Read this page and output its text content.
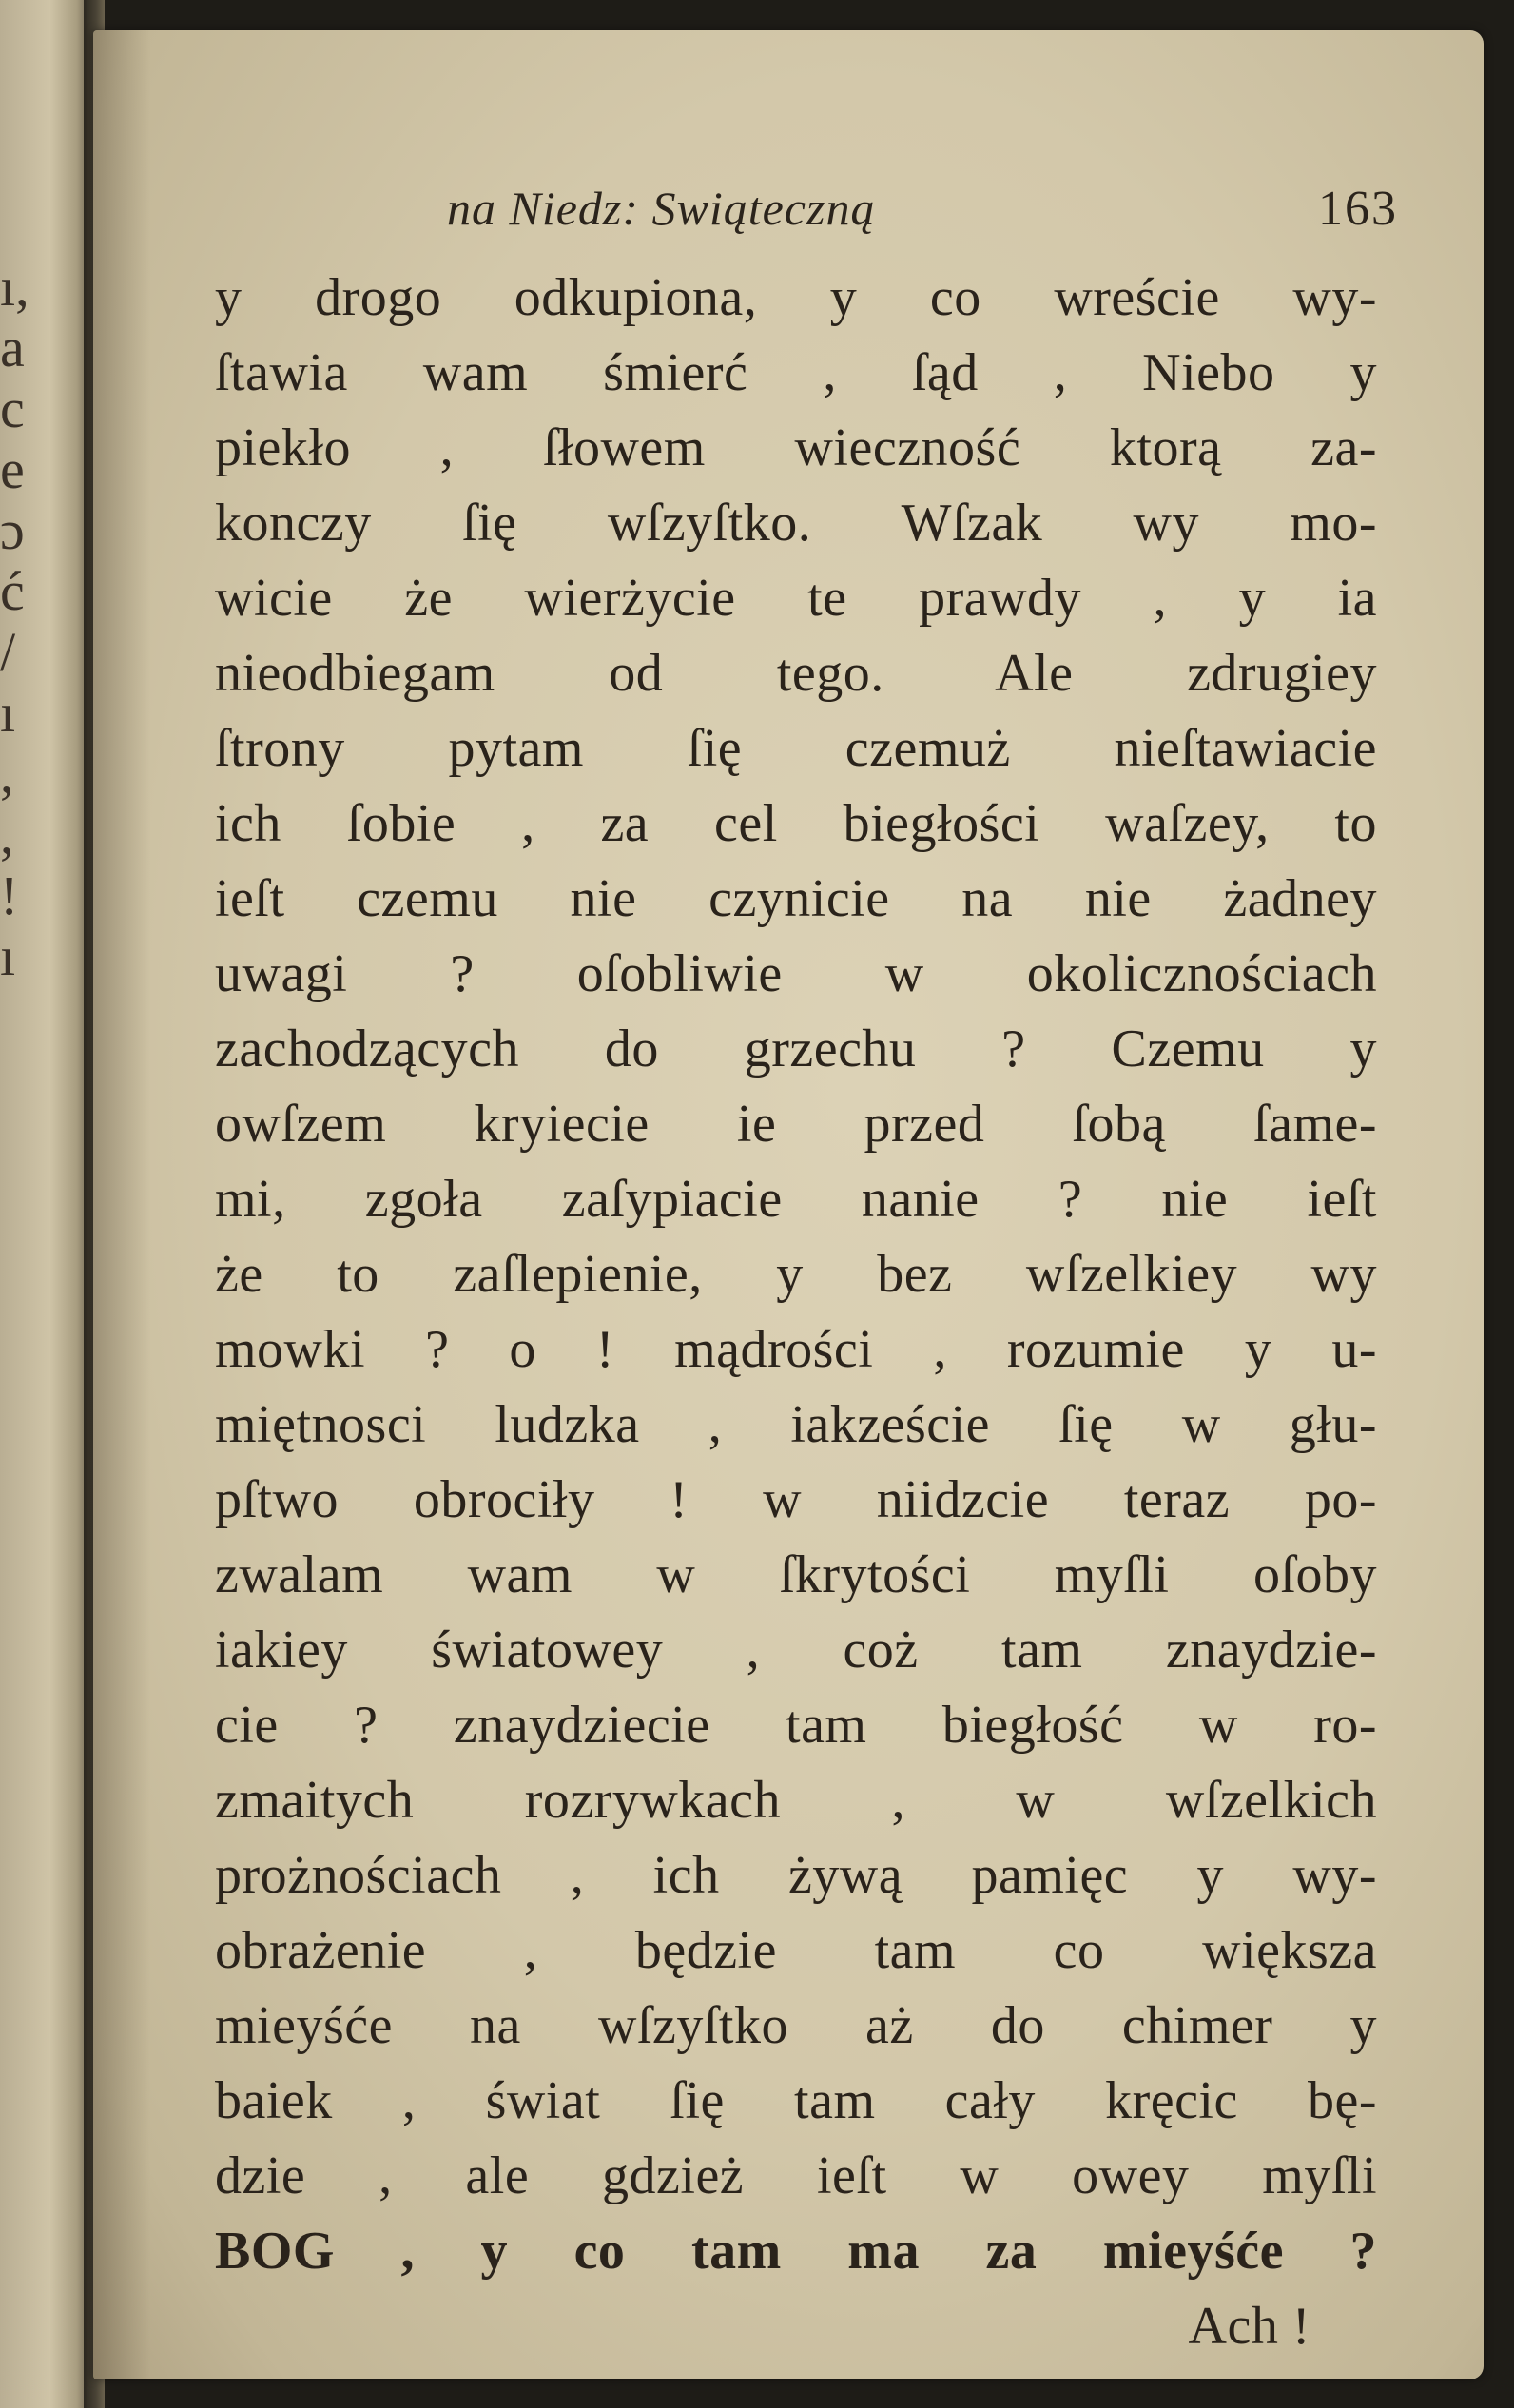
ı,
a
c
e
ɔ
ć
/
ı
,
,
!
ı
na Niedz: Swiąteczną	163
y drogo odkupiona, y co wreście wy-
ſtawia wam śmierć , ſąd , Niebo y
piekło , ſłowem wieczność ktorą za-
konczy ſię wſzyſtko. Wſzak wy mo-
wicie że wierżycie te prawdy , y ia
nieodbiegam od tego. Ale zdrugiey
ſtrony pytam ſię czemuż nieſtawiacie
ich ſobie , za cel biegłości waſzey, to
ieſt czemu nie czynicie na nie żadney
uwagi ? oſobliwie w okolicznościach
zachodzących do grzechu ? Czemu y
owſzem kryiecie ie przed ſobą ſame-
mi, zgoła zaſypiacie nanie ? nie ieſt
że to zaſlepienie, y bez wſzelkiey wy
mowki ? o ! mądrości , rozumie y u-
miętnosci ludzka , iakzeście ſię w głu-
pſtwo obrociły ! w niidzcie teraz po-
zwalam wam w ſkrytości myſli oſoby
iakiey światowey , coż tam znaydzie-
cie ? znaydziecie tam biegłość w ro-
zmaitych rozrywkach , w wſzelkich
prożnościach , ich żywą pamięc y wy-
obrażenie , będzie tam co większa
mieyśće na wſzyſtko aż do chimer y
baiek , świat ſię tam cały kręcic bę-
dzie , ale gdzież ieſt w owey myſli
BOG , y co tam ma za mieyśće ?
Ach !
